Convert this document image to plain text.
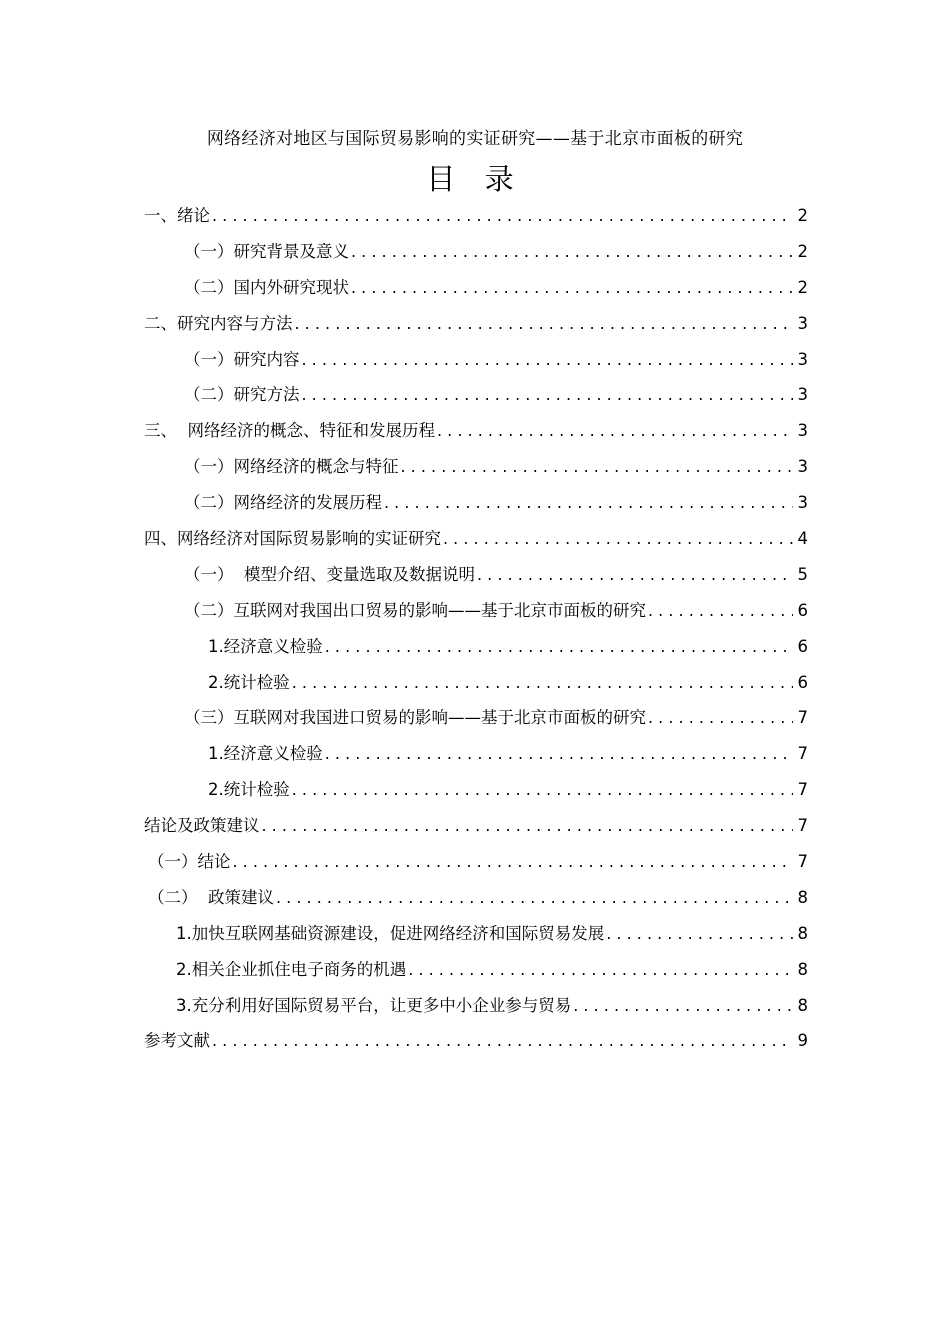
网络经济对地区与国际贸易影响的实证研究——基于北京市面板的研究
目 录
一、绪论 . . .	2
（一）研究背景及意义 . . .	2
（二）国内外研究现状 . . .	2
二、研究内容与方法 . . .	3
（一）研究内容 . . .	3
（二）研究方法 . . .	3
三、  网络经济的概念、特征和发展历程 . . .	3
（一）网络经济的概念与特征 . . .	3
（二）网络经济的发展历程 . . .	3
四、网络经济对国际贸易影响的实证研究 . . .	4
（一）  模型介绍、变量选取及数据说明 . . .	5
（二）互联网对我国出口贸易的影响——基于北京市面板的研究 . . .	6
1.经济意义检验 . . .	6
2.统计检验 . . .	6
（三）互联网对我国进口贸易的影响——基于北京市面板的研究 . . .	7
1.经济意义检验 . . .	7
2.统计检验 . . .	7
结论及政策建议 . . .	7
（一）结论 . . .	7
（二）  政策建议 . . .	8
1.加快互联网基础资源建设，促进网络经济和国际贸易发展 . . .	8
2.相关企业抓住电子商务的机遇 . . .	8
3.充分利用好国际贸易平台，让更多中小企业参与贸易 . . .	8
参考文献 . . .	9
